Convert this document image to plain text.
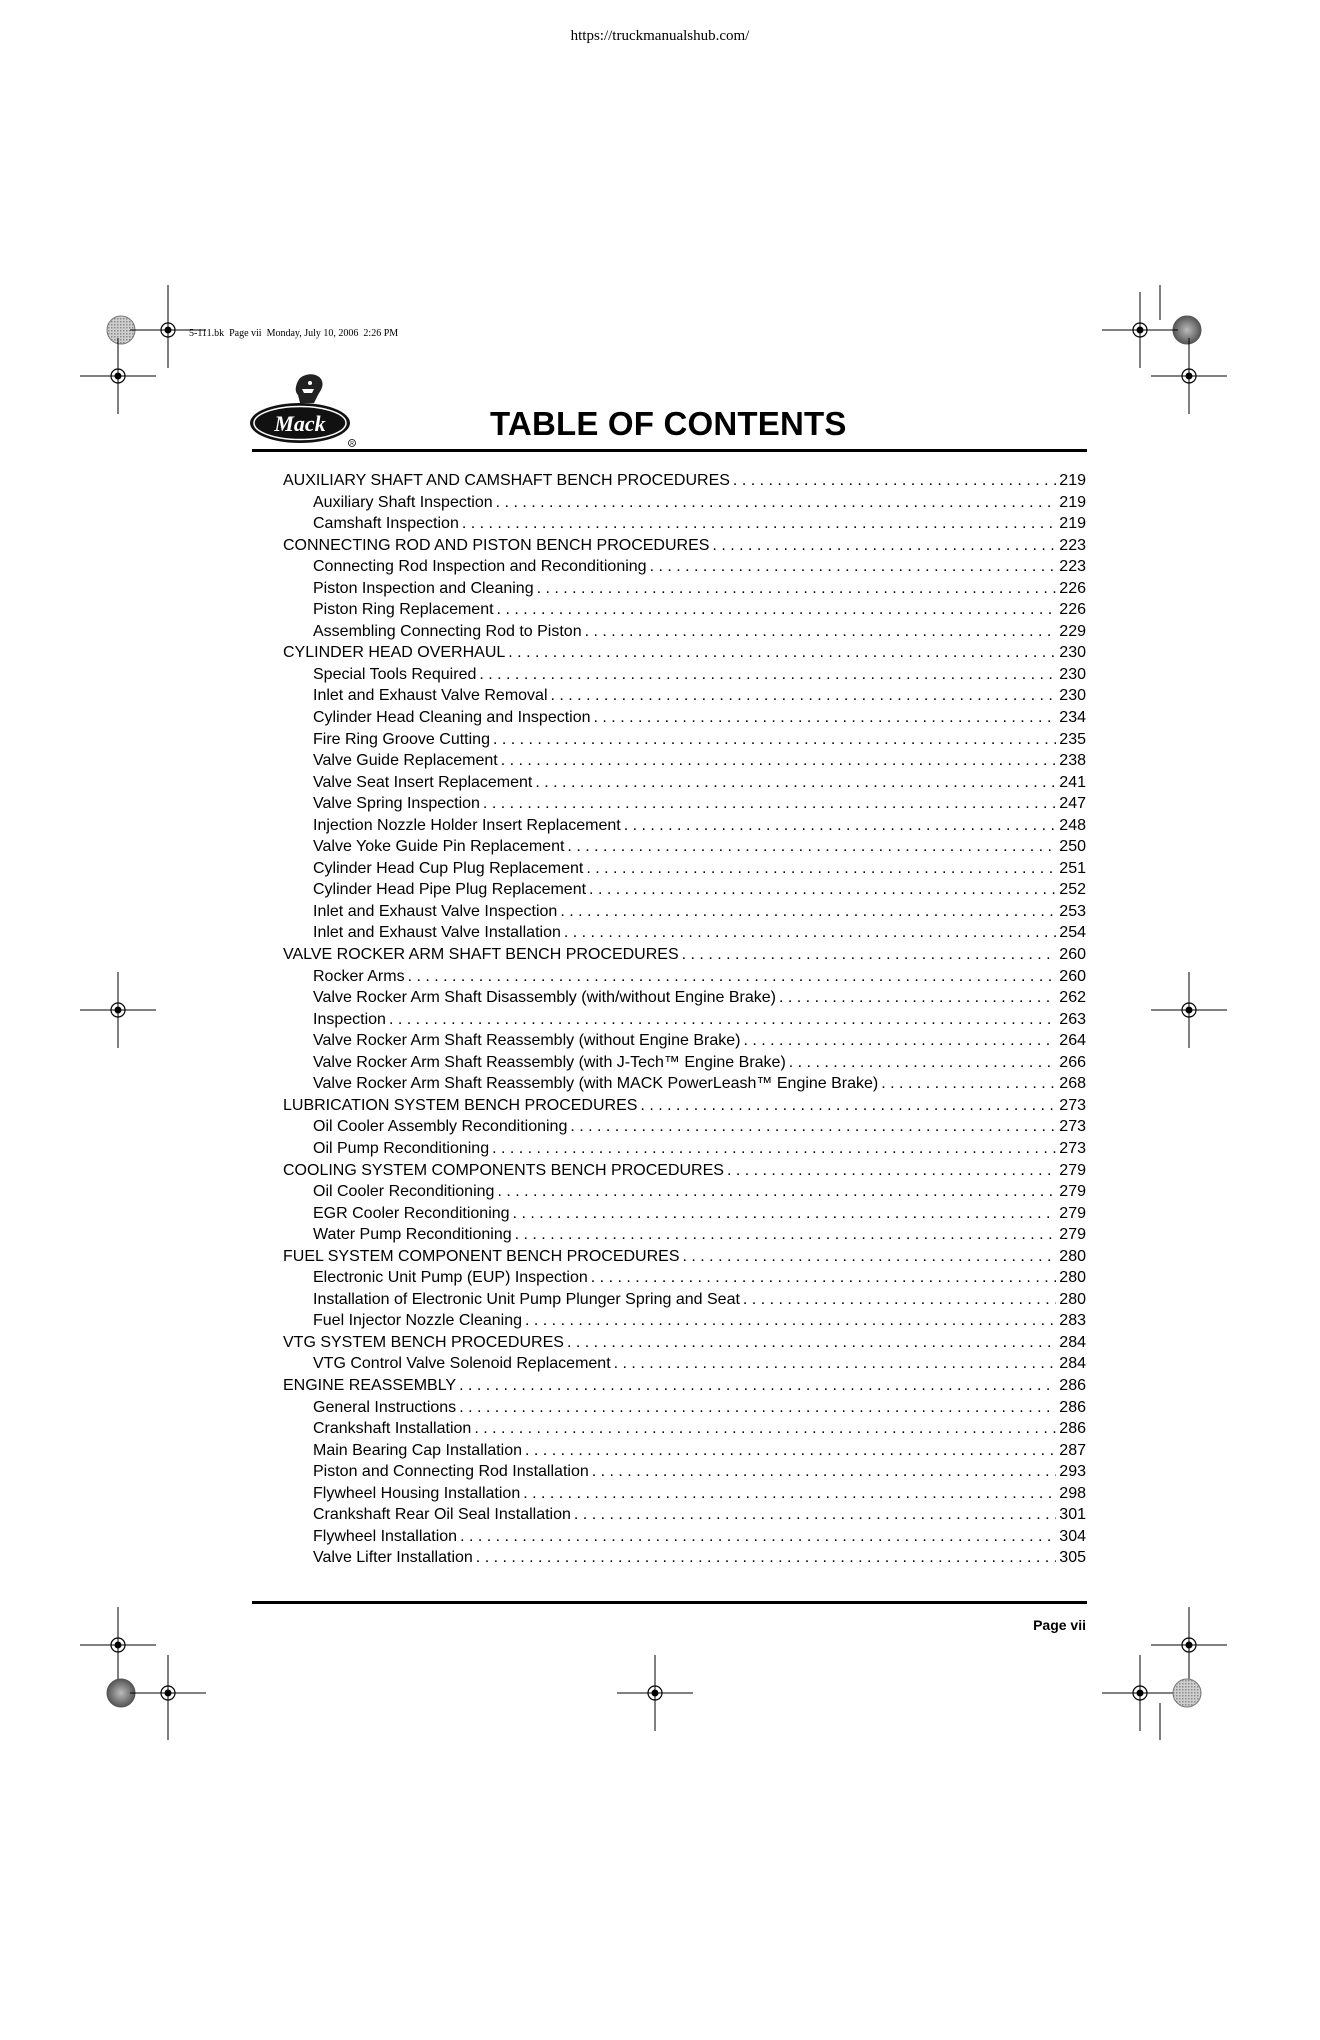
https://truckmanualshub.com/
5-111.bk  Page vii  Monday, July 10, 2006  2:26 PM
Mack
R
TABLE OF CONTENTS
AUXILIARY SHAFT AND CAMSHAFT BENCH PROCEDURES . . .	219
Auxiliary Shaft Inspection . . .	219
Camshaft Inspection . . .	219
CONNECTING ROD AND PISTON BENCH PROCEDURES . . .	223
Connecting Rod Inspection and Reconditioning . . .	223
Piston Inspection and Cleaning . . .	226
Piston Ring Replacement . . .	226
Assembling Connecting Rod to Piston . . .	229
CYLINDER HEAD OVERHAUL . . .	230
Special Tools Required . . .	230
Inlet and Exhaust Valve Removal . . .	230
Cylinder Head Cleaning and Inspection . . .	234
Fire Ring Groove Cutting . . .	235
Valve Guide Replacement . . .	238
Valve Seat Insert Replacement . . .	241
Valve Spring Inspection . . .	247
Injection Nozzle Holder Insert Replacement . . .	248
Valve Yoke Guide Pin Replacement . . .	250
Cylinder Head Cup Plug Replacement . . .	251
Cylinder Head Pipe Plug Replacement . . .	252
Inlet and Exhaust Valve Inspection . . .	253
Inlet and Exhaust Valve Installation . . .	254
VALVE ROCKER ARM SHAFT BENCH PROCEDURES . . .	260
Rocker Arms . . .	260
Valve Rocker Arm Shaft Disassembly (with/without Engine Brake) . . .	262
Inspection . . .	263
Valve Rocker Arm Shaft Reassembly (without Engine Brake) . . .	264
Valve Rocker Arm Shaft Reassembly (with J-Tech™ Engine Brake) . . .	266
Valve Rocker Arm Shaft Reassembly (with MACK PowerLeash™ Engine Brake) . . .	268
LUBRICATION SYSTEM BENCH PROCEDURES . . .	273
Oil Cooler Assembly Reconditioning . . .	273
Oil Pump Reconditioning . . .	273
COOLING SYSTEM COMPONENTS BENCH PROCEDURES . . .	279
Oil Cooler Reconditioning . . .	279
EGR Cooler Reconditioning . . .	279
Water Pump Reconditioning . . .	279
FUEL SYSTEM COMPONENT BENCH PROCEDURES . . .	280
Electronic Unit Pump (EUP) Inspection . . .	280
Installation of Electronic Unit Pump Plunger Spring and Seat . . .	280
Fuel Injector Nozzle Cleaning . . .	283
VTG SYSTEM BENCH PROCEDURES . . .	284
VTG Control Valve Solenoid Replacement . . .	284
ENGINE REASSEMBLY . . .	286
General Instructions . . .	286
Crankshaft Installation . . .	286
Main Bearing Cap Installation . . .	287
Piston and Connecting Rod Installation . . .	293
Flywheel Housing Installation . . .	298
Crankshaft Rear Oil Seal Installation . . .	301
Flywheel Installation . . .	304
Valve Lifter Installation . . .	305
Page vii
